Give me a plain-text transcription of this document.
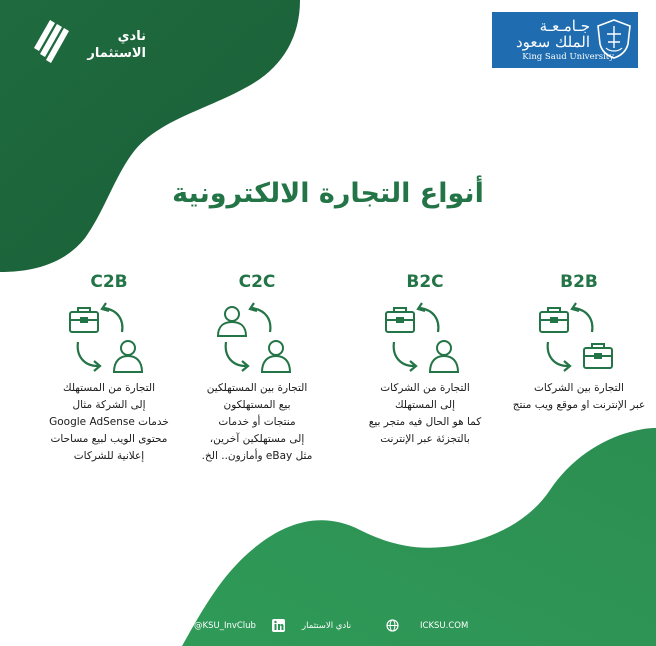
نادي
الاستثمار
جـامـعـة
الملك سعود
King Saud University
أنواع التجارة الالكترونية
B2B
التجارة بين الشركات
عبر الإنترنت او موقع ويب منتج
B2C
التجارة من الشركات
إلى المستهلك
كما هو الحال فيه متجر بيع
بالتجزئة عبر الإنترنت
C2C
التجارة بين المستهلكين
بيع المستهلكون
منتجات أو خدمات
إلى مستهلكين آخرين،
مثل eBay وأمازون.. الخ.
C2B
التجارة من المستهلك
إلى الشركة مثال
خدمات Google AdSense
محتوى الويب لبيع مساحات
إعلانية للشركات
@KSU_InvClub	نادي الاستثمار	ICKSU.COM
